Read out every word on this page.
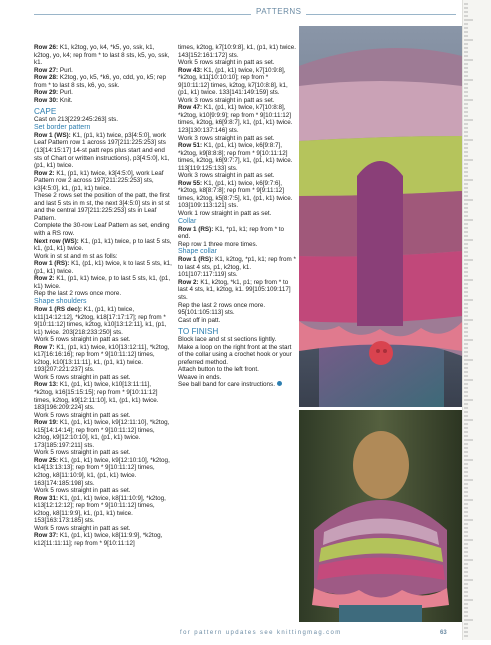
PATTERNS

Row 26: K1, k2tog, yo, k4, *k5, yo, ssk, k1, k2tog, yo, k4; rep from * to last 8 sts, k5, yo, ssk, k1.

Row 27: Purl.

Row 28: K2tog, yo, k5, *k6, yo, cdd, yo, k5; rep from * to last 8 sts, k6, yo, ssk.

Row 29: Purl.

Row 30: Knit.

CAPE

Cast on 213[229:245:263] sts.

Set border pattern

Row 1 (WS): K1, (p1, k1) twice, p3[4:5:0], work Leaf Pattern row 1 across 197[211:225:253] sts (13[14:15:17] 14-st patt reps plus start and end sts of Chart or written instructions), p3[4:5:0], k1, (p1, k1) twice.

Row 2: K1, (p1, k1) twice, k3[4:5:0], work Leaf Pattern row 2 across 197[211:225:253] sts, k3[4:5:0], k1, (p1, k1) twice.

These 2 rows set the position of the patt, the first and last 5 sts in m st, the next 3[4:5:0] sts in st st and the central 197[211:225:253] sts in Leaf Pattern.

Complete the 30-row Leaf Pattern as set, ending with a RS row.

Next row (WS): K1, (p1, k1) twice, p to last 5 sts, k1, (p1, k1) twice.

Work in st st and m st as folls:

Row 1 (RS): K1, (p1, k1) twice, k to last 5 sts, k1, (p1, k1) twice.

Row 2: K1, (p1, k1) twice, p to last 5 sts, k1, (p1, k1) twice.

Rep the last 2 rows once more.

Shape shoulders

Row 1 (RS dec): K1, (p1, k1) twice, k11[14:12:12], *k2tog, k18[17:17:17]; rep from * 9[10:11:12] times, k2tog, k10[13:12:11], k1, (p1, k1) twice. 203[218:233:250] sts.

Work 5 rows straight in patt as set.

Row 7: K1, (p1, k1) twice, k10[13:12:11], *k2tog, k17[16:16:16]; rep from * 9[10:11:12] times, k2tog, k10[13:11:11], k1, (p1, k1) twice. 193[207:221:237] sts.

Work 5 rows straight in patt as set.

Row 13: K1, (p1, k1) twice, k10[13:11:11], *k2tog, k16[15:15:15]; rep from * 9[10:11:12] times, k2tog, k9[12:11:10], k1, (p1, k1) twice. 183[196:209:224] sts.

Work 5 rows straight in patt as set.

Row 19: K1, (p1, k1) twice, k9[12:11:10], *k2tog, k15[14:14:14]; rep from * 9[10:11:12] times, k2tog, k9[12:10:10], k1, (p1, k1) twice. 173[185:197:211] sts.

Work 5 rows straight in patt as set.

Row 25: K1, (p1, k1) twice, k9[12:10:10], *k2tog, k14[13:13:13]; rep from * 9[10:11:12] times, k2tog, k8[11:10:9], k1, (p1, k1) twice. 163[174:185:198] sts.

Work 5 rows straight in patt as set.

Row 31: K1, (p1, k1) twice, k8[11:10:9], *k2tog, k13[12:12:12]; rep from * 9[10:11:12] times, k2tog, k8[11:9:9], k1, (p1, k1) twice. 153[163:173:185] sts.

Work 5 rows straight in patt as set.

Row 37: K1, (p1, k1) twice, k8[11:9:9], *k2tog, k12[11:11:11]; rep from * 9[10:11:12]

times, k2tog, k7[10:9:8], k1, (p1, k1) twice. 143[152:161:172] sts.

Work 5 rows straight in patt as set.

Row 43: K1, (p1, k1) twice, k7[10:9:8], *k2tog, k11[10:10:10]; rep from * 9[10:11:12] times, k2tog, k7[10:8:8], k1, (p1, k1) twice. 133[141:149:159] sts.

Work 3 rows straight in patt as set.

Row 47: K1, (p1, k1) twice, k7[10:8:8], *k2tog, k10[9:9:9]; rep from * 9[10:11:12] times, k2tog, k6[9:8:7], k1, (p1, k1) twice. 123[130:137:146] sts.

Work 3 rows straight in patt as set.

Row 51: K1, (p1, k1) twice, k6[9:8:7], *k2tog, k9[8:8:8]; rep from * 9[10:11:12] times, k2tog, k6[9:7:7], k1, (p1, k1) twice. 113[119:125:133] sts.

Work 3 rows straight in patt as set.

Row 55: K1, (p1, k1) twice, k6[9:7:6], *k2tog, k8[8:7:8]; rep from * 9[9:11:12] times, k2tog, k5[8:7:5], k1, (p1, k1) twice. 103[109:113:121] sts.

Work 1 row straight in patt as set.

Collar

Row 1 (RS): K1, *p1, k1; rep from * to end.

Rep row 1 three more times.

Shape collar

Row 1 (RS): K1, k2tog, *p1, k1; rep from * to last 4 sts, p1, k2tog, k1. 101[107:117:119] sts.

Row 2: K1, k2tog, *k1, p1; rep from * to last 4 sts, k1, k2tog, k1. 99[105:109:117] sts.

Rep the last 2 rows once more.

95[101:105:113] sts.

Cast off in patt.

TO FINISH

Block lace and st st sections lightly.

Make a loop on the right front at the start of the collar using a crochet hook or your preferred method.

Attach button to the left front.

Weave in ends.

See ball band for care instructions.

for pattern updates see knittingmag.com	63
